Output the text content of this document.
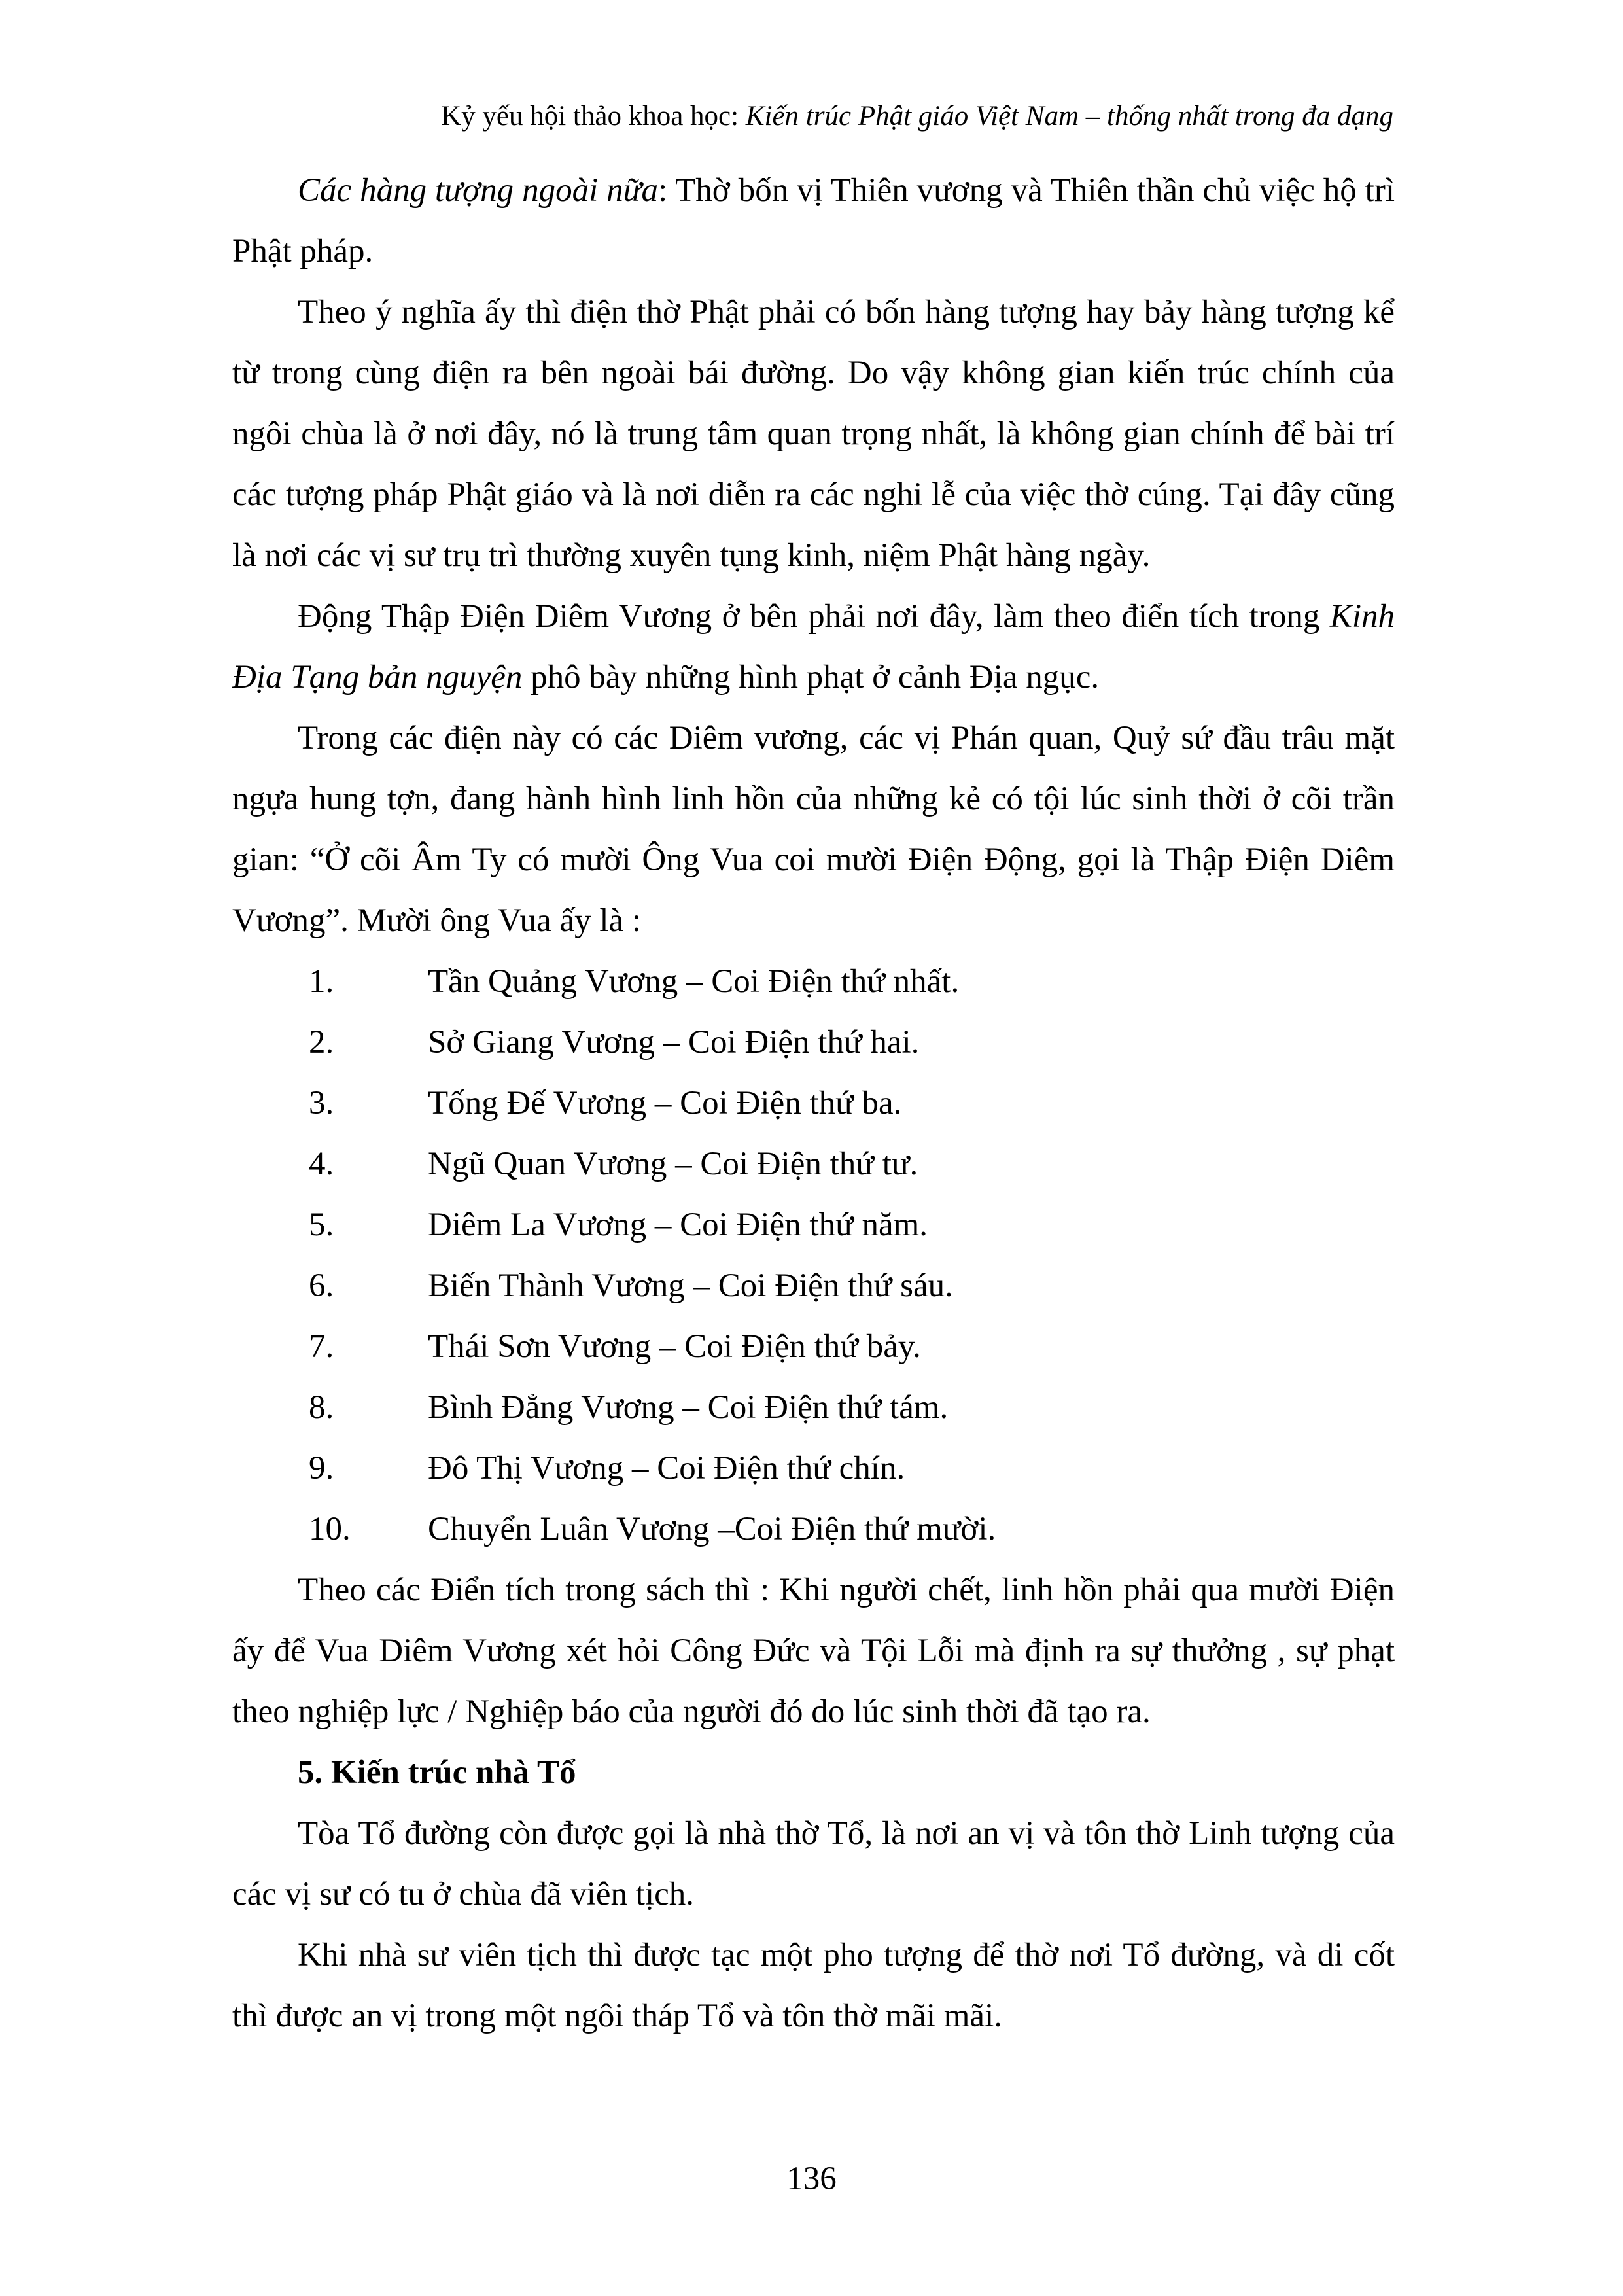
Kỷ yếu hội thảo khoa học: Kiến trúc Phật giáo Việt Nam – thống nhất trong đa dạng

Các hàng tượng ngoài nữa: Thờ bốn vị Thiên vương và Thiên thần chủ việc hộ trì Phật pháp.

Theo ý nghĩa ấy thì điện thờ Phật phải có bốn hàng tượng hay bảy hàng tượng kể từ trong cùng điện ra bên ngoài bái đường. Do vậy không gian kiến trúc chính của ngôi chùa là ở nơi đây, nó là trung tâm quan trọng nhất, là không gian chính để bài trí các tượng pháp Phật giáo và là nơi diễn ra các nghi lễ của việc thờ cúng. Tại đây cũng là nơi các vị sư trụ trì thường xuyên tụng kinh, niệm Phật hàng ngày.

Động Thập Điện Diêm Vương ở bên phải nơi đây, làm theo điển tích trong Kinh Địa Tạng bản nguyện phô bày những hình phạt ở cảnh Địa ngục.

Trong các điện này có các Diêm vương, các vị Phán quan, Quỷ sứ đầu trâu mặt ngựa hung tợn, đang hành hình linh hồn của những kẻ có tội lúc sinh thời ở cõi trần gian: “Ở cõi Âm Ty có mười Ông Vua coi mười Điện Động, gọi là Thập Điện Diêm Vương”. Mười ông Vua ấy là :

1.	Tần Quảng Vương – Coi Điện thứ nhất.
2.	Sở Giang Vương – Coi Điện thứ hai.
3.	Tống Đế Vương – Coi Điện thứ ba.
4.	Ngũ Quan Vương – Coi Điện thứ tư.
5.	Diêm La Vương – Coi Điện thứ năm.
6.	Biến Thành Vương – Coi Điện thứ sáu.
7.	Thái Sơn Vương – Coi Điện thứ bảy.
8.	Bình Đẳng Vương – Coi Điện thứ tám.
9.	Đô Thị Vương – Coi Điện thứ chín.
10.	Chuyển Luân Vương –Coi Điện thứ mười.

Theo các Điển tích trong sách thì : Khi người chết, linh hồn phải qua mười Điện ấy để Vua Diêm Vương xét hỏi Công Đức và Tội Lỗi mà định ra sự thưởng , sự phạt theo nghiệp lực / Nghiệp báo của người đó do lúc sinh thời đã tạo ra.

5. Kiến trúc nhà Tổ

Tòa Tổ đường còn được gọi là nhà thờ Tổ, là nơi an vị và tôn thờ Linh tượng của các vị sư có tu ở chùa đã viên tịch.

Khi nhà sư viên tịch thì được tạc một pho tượng để thờ nơi Tổ đường, và di cốt thì được an vị trong một ngôi tháp Tổ và tôn thờ mãi mãi.

136
